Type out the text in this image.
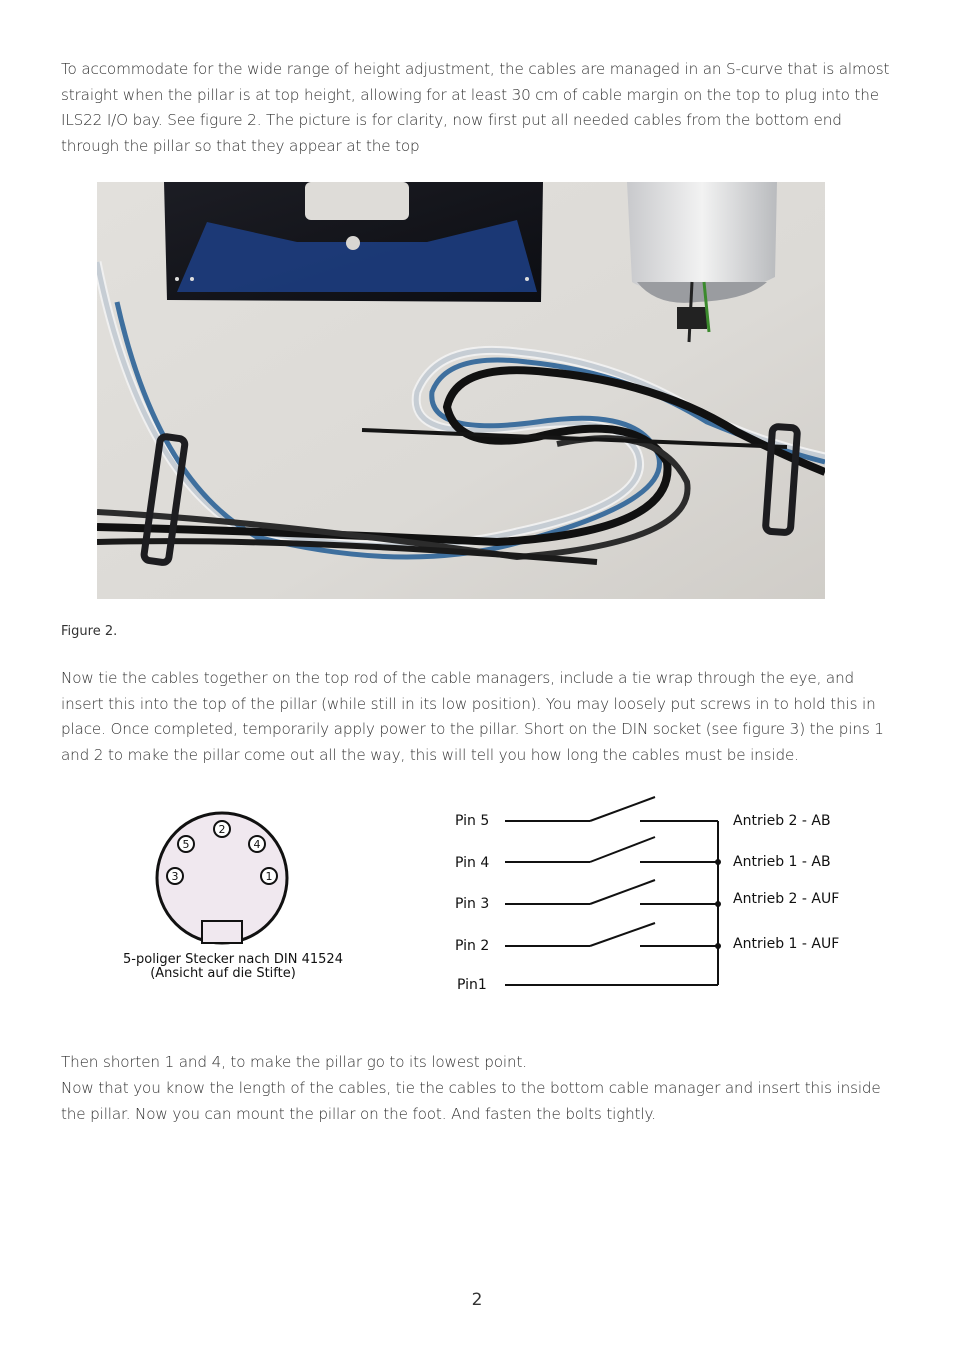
To accommodate for the wide range of height adjustment, the cables are managed in an S-curve that is almost straight when the pillar is at top height, allowing for at least 30 cm of cable margin on the top to plug into the ILS22 I/O bay. See figure 2. The picture is for clarity, now first put all needed cables from the bottom end through the pillar so that they appear at the top
Figure 2.
Now tie the cables together on the top rod of the cable managers, include a tie wrap through the eye, and insert this into the top of the pillar (while still in its low position). You may loosely put screws in to hold this in place. Once completed, temporarily apply power to the pillar. Short on the DIN socket (see figure 3) the pins 1 and 2 to make the pillar come out all the way, this will tell you how long the cables must be inside.
2
5	4
3	1
5-poliger Stecker nach DIN 41524
(Ansicht auf die Stifte)
Pin 5
Pin 4
Pin 3
Pin 2
Pin1
Antrieb 2 - AB
Antrieb 1 - AB
Antrieb 2 - AUF
Antrieb 1 - AUF
Then shorten 1 and 4, to make the pillar go to its lowest point.
Now that you know the length of the cables, tie the cables to the bottom cable manager and insert this inside the pillar. Now you can mount the pillar on the foot. And fasten the bolts tightly.
2
